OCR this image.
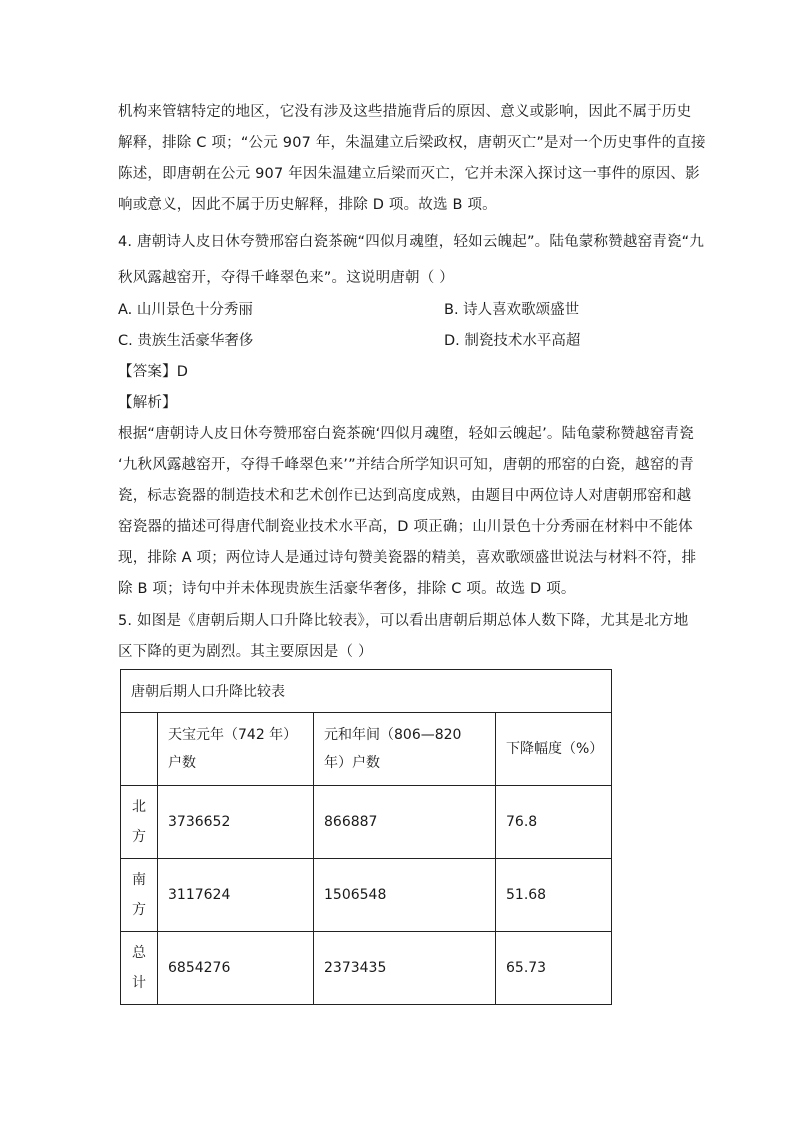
机构来管辖特定的地区，它没有涉及这些措施背后的原因、意义或影响，因此不属于历史
解释，排除 C 项；“公元 907 年，朱温建立后梁政权，唐朝灭亡”是对一个历史事件的直接
陈述，即唐朝在公元 907 年因朱温建立后梁而灭亡，它并未深入探讨这一事件的原因、影
响或意义，因此不属于历史解释，排除 D 项。故选 B 项。
4. 唐朝诗人皮日休夸赞邢窑白瓷茶碗“四似月魂堕，轻如云魄起”。陆龟蒙称赞越窑青瓷“九
秋风露越窑开，夺得千峰翠色来”。这说明唐朝（ ）
A. 山川景色十分秀丽	B. 诗人喜欢歌颂盛世
C. 贵族生活豪华奢侈	D. 制瓷技术水平高超
【答案】D
【解析】
根据“唐朝诗人皮日休夸赞邢窑白瓷茶碗‘四似月魂堕，轻如云魄起’。陆龟蒙称赞越窑青瓷
‘九秋风露越窑开，夺得千峰翠色来’”并结合所学知识可知，唐朝的邢窑的白瓷，越窑的青
瓷，标志瓷器的制造技术和艺术创作已达到高度成熟，由题目中两位诗人对唐朝邢窑和越
窑瓷器的描述可得唐代制瓷业技术水平高，D 项正确；山川景色十分秀丽在材料中不能体
现，排除 A 项；两位诗人是通过诗句赞美瓷器的精美，喜欢歌颂盛世说法与材料不符，排
除 B 项；诗句中并未体现贵族生活豪华奢侈，排除 C 项。故选 D 项。
5. 如图是《唐朝后期人口升降比较表》，可以看出唐朝后期总体人数下降，尤其是北方地
区下降的更为剧烈。其主要原因是（ ）
唐朝后期人口升降比较表			
	天宝元年（742 年）户数	元和年间（806—820 年）户数	下降幅度（%）
北方	3736652	866887	76.8
南方	3117624	1506548	51.68
总计	6854276	2373435	65.73
